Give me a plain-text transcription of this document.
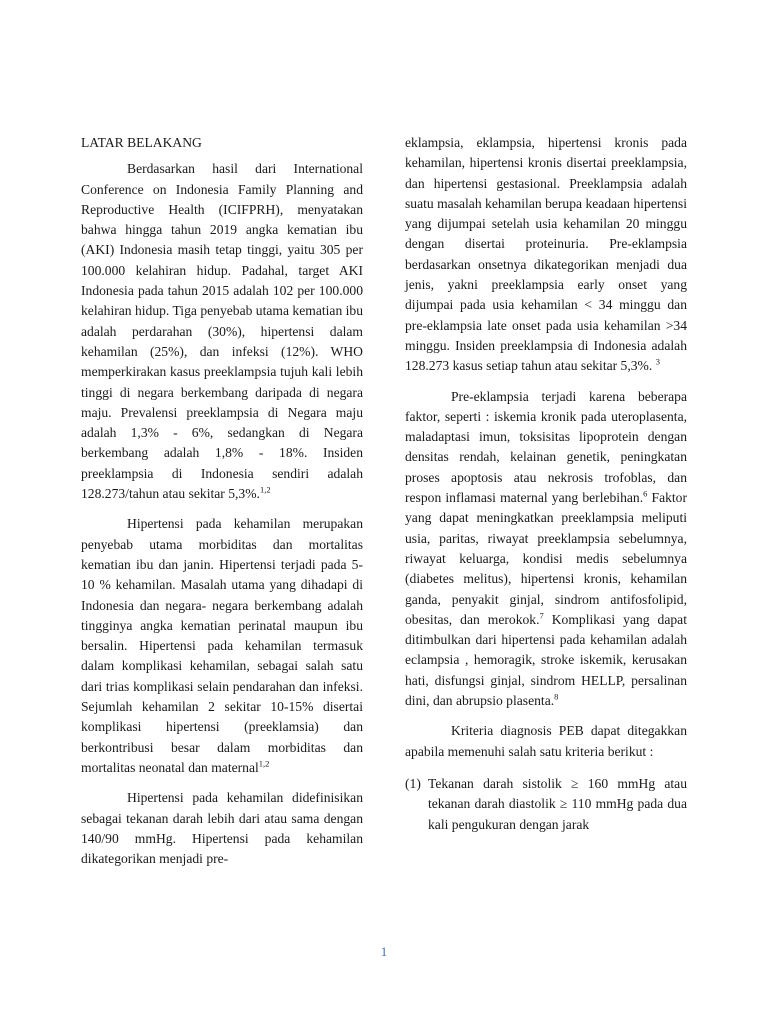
LATAR BELAKANG

Berdasarkan hasil dari International Conference on Indonesia Family Planning and Reproductive Health (ICIFPRH), menyatakan bahwa hingga tahun 2019 angka kematian ibu (AKI) Indonesia masih tetap tinggi, yaitu 305 per 100.000 kelahiran hidup. Padahal, target AKI Indonesia pada tahun 2015 adalah 102 per 100.000 kelahiran hidup. Tiga penyebab utama kematian ibu adalah perdarahan (30%), hipertensi dalam kehamilan (25%), dan infeksi (12%). WHO memperkirakan kasus preeklampsia tujuh kali lebih tinggi di negara berkembang daripada di negara maju. Prevalensi preeklampsia di Negara maju adalah 1,3% - 6%, sedangkan di Negara berkembang adalah 1,8% - 18%. Insiden preeklampsia di Indonesia sendiri adalah 128.273/tahun atau sekitar 5,3%.$^{1,2}$

Hipertensi pada kehamilan merupakan penyebab utama morbiditas dan mortalitas kematian ibu dan janin. Hipertensi terjadi pada 5-10 % kehamilan. Masalah utama yang dihadapi di Indonesia dan negara- negara berkembang adalah tingginya angka kematian perinatal maupun ibu bersalin. Hipertensi pada kehamilan termasuk dalam komplikasi kehamilan, sebagai salah satu dari trias komplikasi selain pendarahan dan infeksi. Sejumlah kehamilan 2 sekitar 10-15% disertai komplikasi hipertensi (preeklamsia) dan berkontribusi besar dalam morbiditas dan mortalitas neonatal dan maternal$^{1,2}$

Hipertensi pada kehamilan didefinisikan sebagai tekanan darah lebih dari atau sama dengan 140/90 mmHg. Hipertensi pada kehamilan dikategorikan menjadi pre-

eklampsia, eklampsia, hipertensi kronis pada kehamilan, hipertensi kronis disertai preeklampsia, dan hipertensi gestasional. Preeklampsia adalah suatu masalah kehamilan berupa keadaan hipertensi yang dijumpai setelah usia kehamilan 20 minggu dengan disertai proteinuria. Pre-eklampsia berdasarkan onsetnya dikategorikan menjadi dua jenis, yakni preeklampsia early onset yang dijumpai pada usia kehamilan < 34 minggu dan pre-eklampsia late onset pada usia kehamilan >34 minggu. Insiden preeklampsia di Indonesia adalah 128.273 kasus setiap tahun atau sekitar 5,3%. $^3$

Pre-eklampsia terjadi karena beberapa faktor, seperti : iskemia kronik pada uteroplasenta, maladaptasi imun, toksisitas lipoprotein dengan densitas rendah, kelainan genetik, peningkatan proses apoptosis atau nekrosis trofoblas, dan respon inflamasi maternal yang berlebihan.$^6$ Faktor yang dapat meningkatkan preeklampsia meliputi usia, paritas, riwayat preeklampsia sebelumnya, riwayat keluarga, kondisi medis sebelumnya (diabetes melitus), hipertensi kronis, kehamilan ganda, penyakit ginjal, sindrom antifosfolipid, obesitas, dan merokok.$^7$ Komplikasi yang dapat ditimbulkan dari hipertensi pada kehamilan adalah eclampsia , hemoragik, stroke iskemik, kerusakan hati, disfungsi ginjal, sindrom HELLP, persalinan dini, dan abrupsio plasenta.$^8$

Kriteria diagnosis PEB dapat ditegakkan apabila memenuhi salah satu kriteria berikut :

(1) Tekanan darah sistolik ≥ 160 mmHg atau tekanan darah diastolik ≥ 110 mmHg pada dua kali pengukuran dengan jarak
1
